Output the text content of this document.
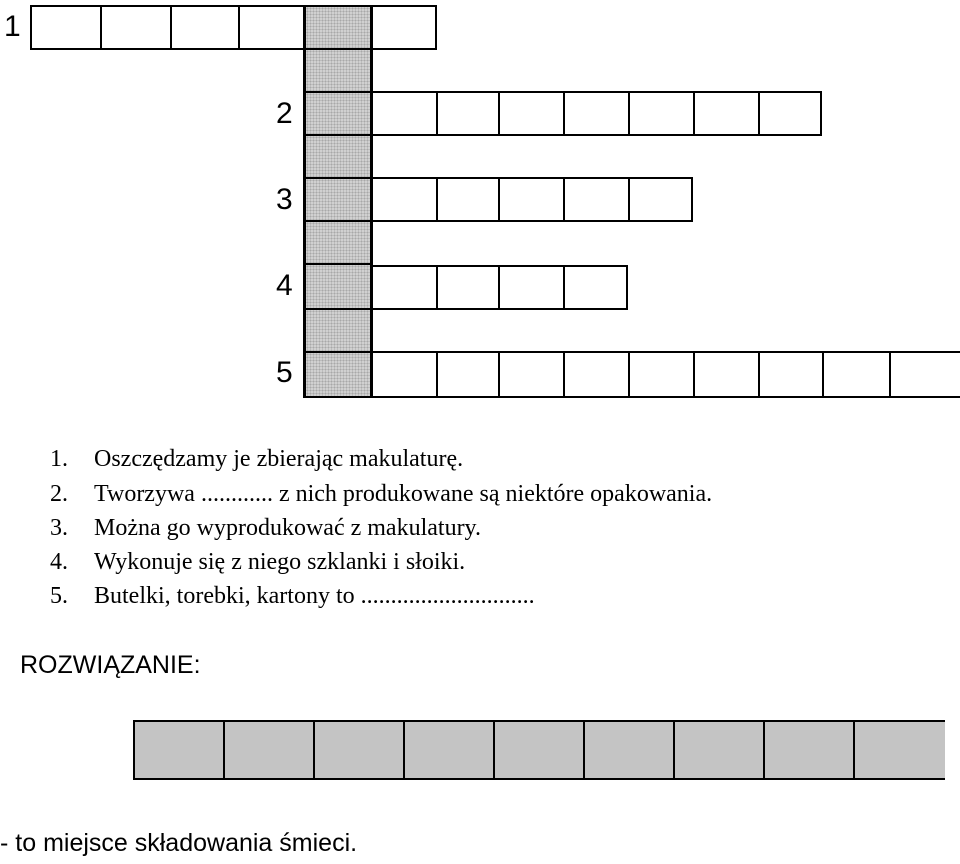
1
2
3
4
5
1. Oszczędzamy je zbierając makulaturę.
2. Tworzywa ............ z nich produkowane są niektóre opakowania.
3. Można go wyprodukować z makulatury.
4. Wykonuje się z niego szklanki i słoiki.
5. Butelki, torebki, kartony to .............................
ROZWIĄZANIE:
- to miejsce składowania śmieci.
